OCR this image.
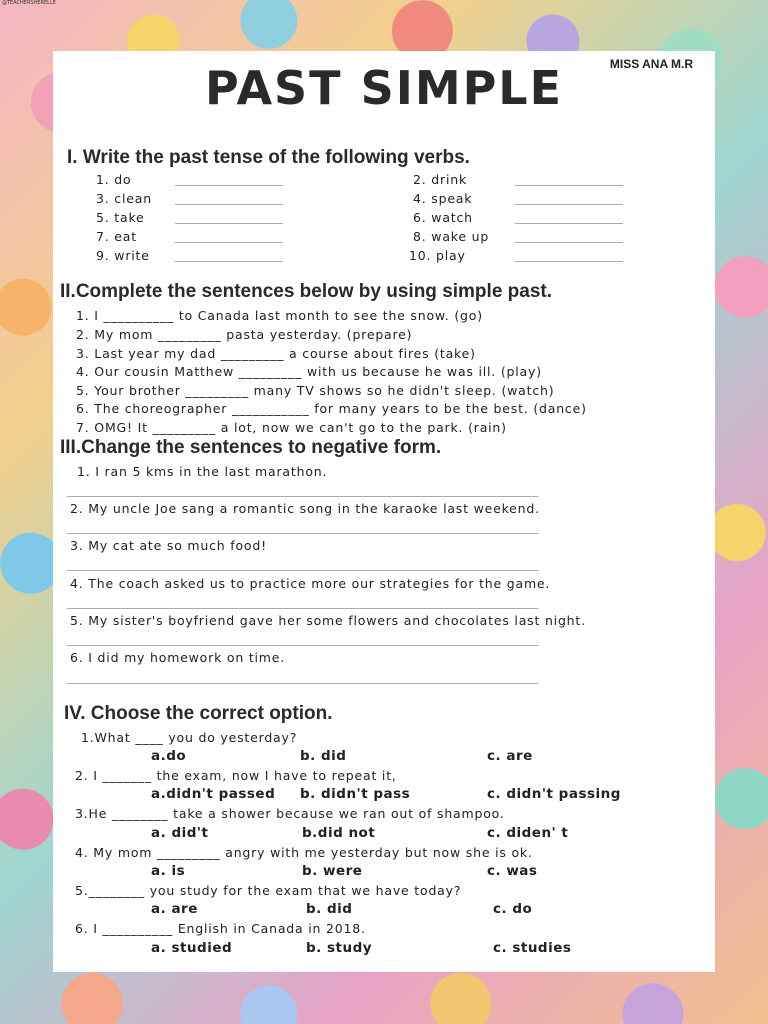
@TEACHERSHERELLE
PAST SIMPLE	MISS ANA M.R
I. Write the past tense of the following verbs.
1. do	________________	2. drink	________________
3. clean ________________	4. speak	________________
5. take	________________	6. watch	________________
7. eat	________________	8. wake up ________________
9. write ________________	10. play	________________
II.Complete the sentences below by using simple past.
1. I __________ to Canada last month to see the snow. (go)
2. My mom _________ pasta yesterday. (prepare)
3. Last year my dad _________ a course about fires (take)
4. Our cousin Matthew _________ with us because he was ill. (play)
5. Your brother _________ many TV shows so he didn't sleep. (watch)
6. The choreographer ___________ for many years to be the best. (dance)
7. OMG! It _________ a lot, now we can't go to the park. (rain)
III.Change the sentences to negative form.
1. I ran 5 kms in the last marathon.
______________________________________________________________________
2. My uncle Joe sang a romantic song in the karaoke last weekend.
______________________________________________________________________
3. My cat ate so much food!
______________________________________________________________________
4. The coach asked us to practice more our strategies for the game.
______________________________________________________________________
5. My sister's boyfriend gave her some flowers and chocolates last night.
______________________________________________________________________
6. I did my homework on time.
______________________________________________________________________
IV. Choose the correct option.
1.What ____ you do yesterday?
a.do	b. did	c. are
2. I _______ the exam, now I have to repeat it,
a.didn't passed b. didn't pass	c. didn't passing
3.He ________ take a shower because we ran out of shampoo.
a. did't	b.did not	c. diden' t
4. My mom _________ angry with me yesterday but now she is ok.
a. is	b. were	c. was
5.________ you study for the exam that we have today?
a. are	b. did	c. do
6. I __________ English in Canada in 2018.
a. studied	b. study	c. studies
